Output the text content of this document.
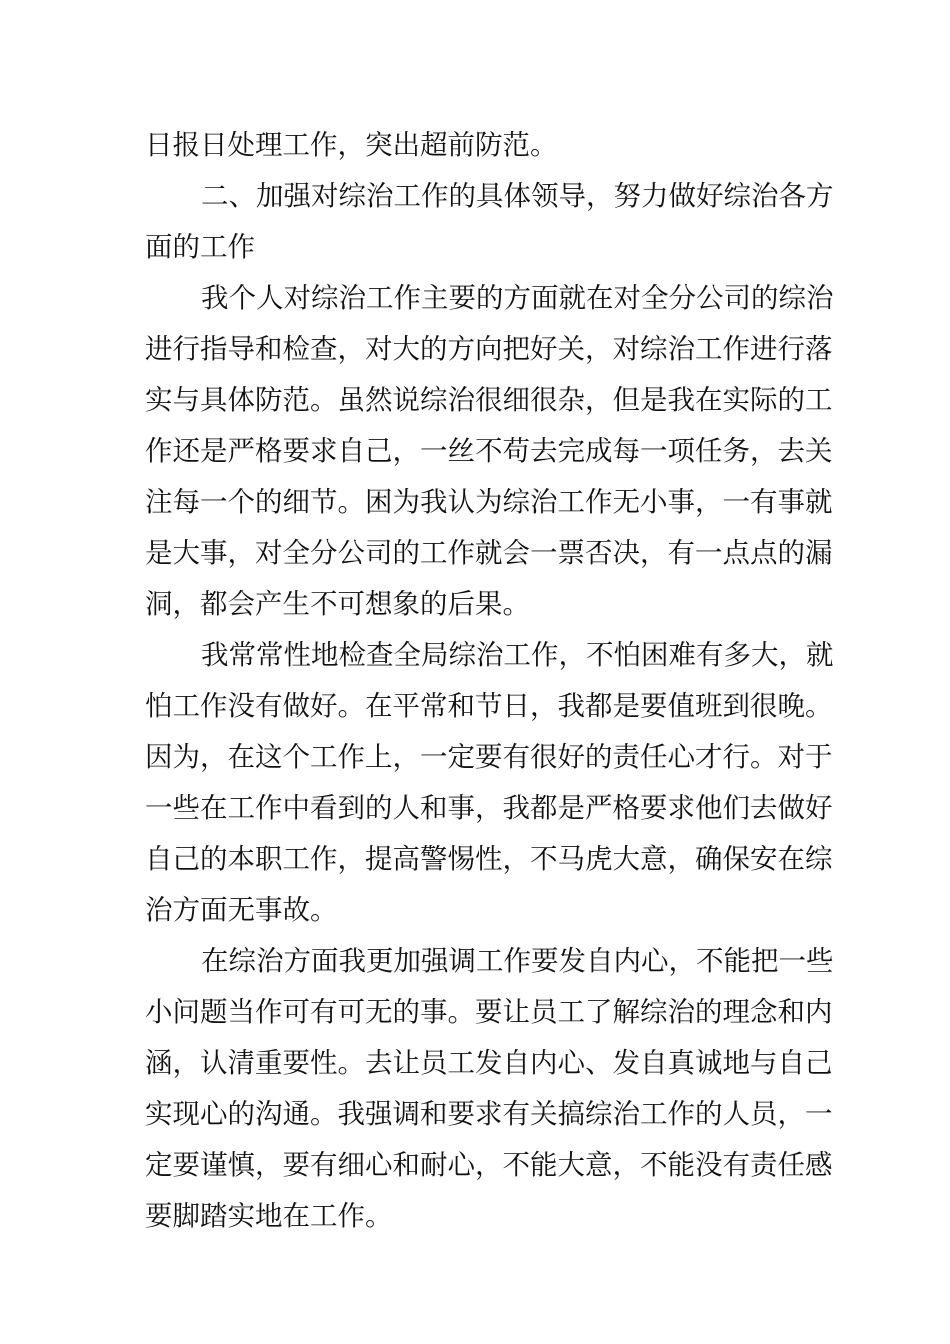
日报日处理工作，突出超前防范。
二、加强对综治工作的具体领导，努力做好综治各方
面的工作
我个人对综治工作主要的方面就在对全分公司的综治
进行指导和检查，对大的方向把好关，对综治工作进行落
实与具体防范。虽然说综治很细很杂，但是我在实际的工
作还是严格要求自己，一丝不苟去完成每一项任务，去关
注每一个的细节。困为我认为综治工作无小事，一有事就
是大事，对全分公司的工作就会一票否决，有一点点的漏
洞，都会产生不可想象的后果。
我常常性地检查全局综治工作，不怕困难有多大，就
怕工作没有做好。在平常和节日，我都是要值班到很晚。
因为，在这个工作上，一定要有很好的责任心才行。对于
一些在工作中看到的人和事，我都是严格要求他们去做好
自己的本职工作，提高警惕性，不马虎大意，确保安在综
治方面无事故。
在综治方面我更加强调工作要发自内心，不能把一些
小问题当作可有可无的事。要让员工了解综治的理念和内
涵，认清重要性。去让员工发自内心、发自真诚地与自己
实现心的沟通。我强调和要求有关搞综治工作的人员，一
定要谨慎，要有细心和耐心，不能大意，不能没有责任感
要脚踏实地在工作。
